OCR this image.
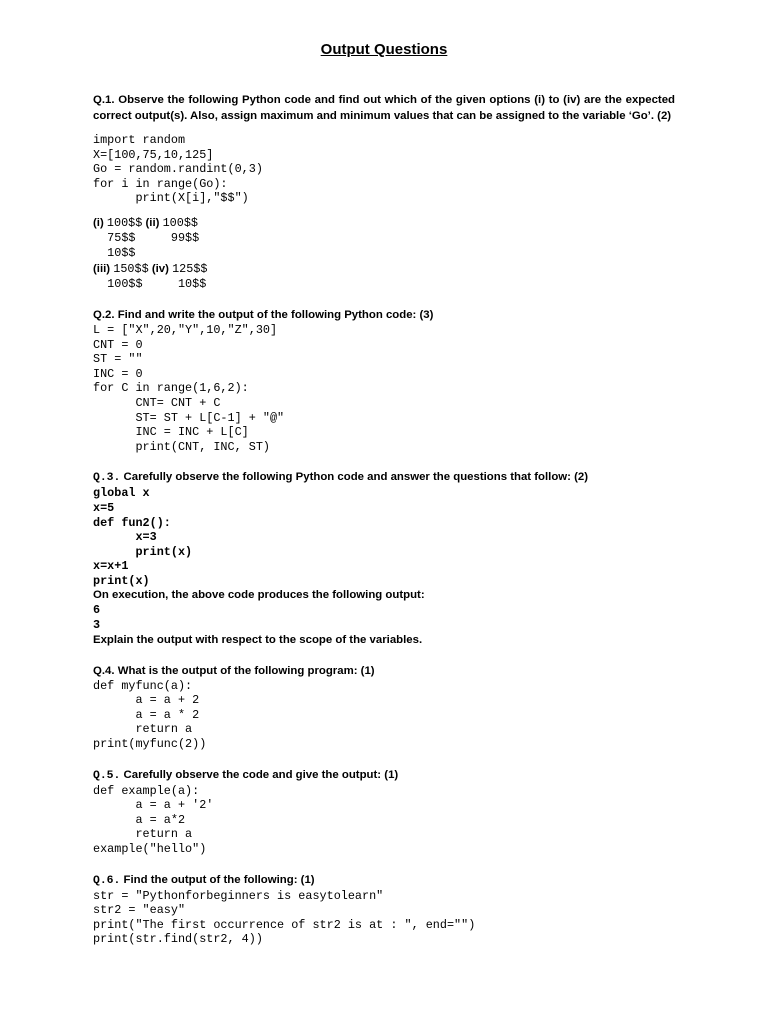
Output Questions
Q.1. Observe the following Python code and find out which of the given options (i) to (iv) are the expected correct output(s). Also, assign maximum and minimum values that can be assigned to the variable ‘Go’. (2)
import random
X=[100,75,10,125]
Go = random.randint(0,3)
for i in range(Go):
print(X[i],"$$")
(i) 100$$ (ii) 100$$
75$$     99$$
10$$
(iii) 150$$ (iv) 125$$
100$$     10$$
Q.2. Find and write the output of the following Python code: (3)
L = ["X",20,"Y",10,"Z",30]
CNT = 0
ST = ""
INC = 0
for C in range(1,6,2):
CNT= CNT + C
ST= ST + L[C-1] + "@"
INC = INC + L[C]
print(CNT, INC, ST)
Q.3. Carefully observe the following Python code and answer the questions that follow: (2)
global x
x=5
def fun2():
x=3
print(x)
x=x+1
print(x)
On execution, the above code produces the following output:
6
3
Explain the output with respect to the scope of the variables.
Q.4. What is the output of the following program: (1)
def myfunc(a):
a = a + 2
a = a * 2
return a
print(myfunc(2))
Q.5. Carefully observe the code and give the output: (1)
def example(a):
a = a + '2'
a = a*2
return a
example("hello")
Q.6. Find the output of the following: (1)
str = "Pythonforbeginners is easytolearn"
str2 = "easy"
print("The first occurrence of str2 is at : ", end="")
print(str.find(str2, 4))
